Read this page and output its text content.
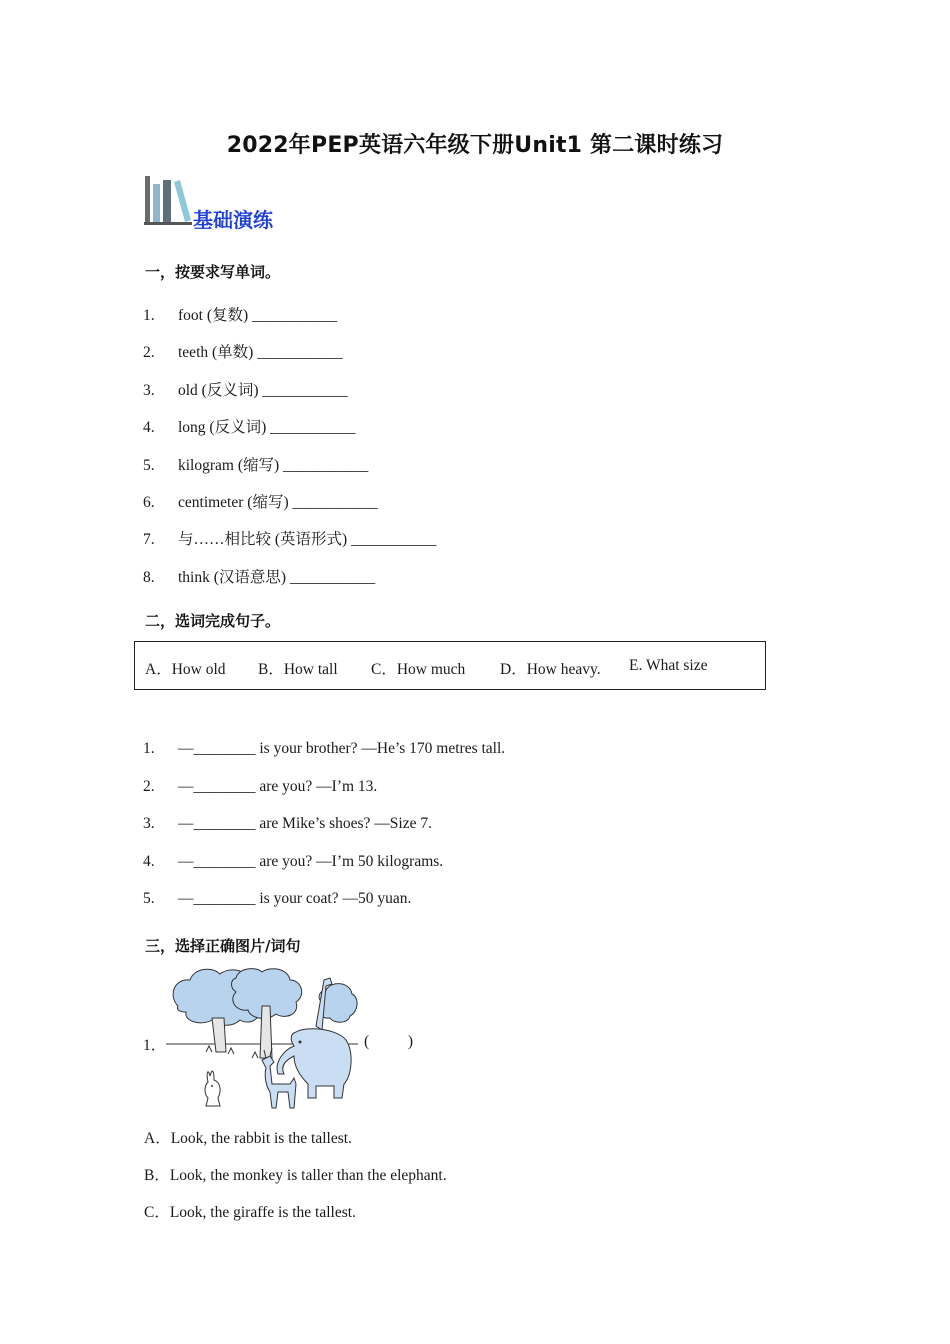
2022年PEP英语六年级下册Unit1 第二课时练习
基础演练
一，按要求写单词。
1. foot (复数) ___________
2. teeth (单数) ___________
3. old (反义词) ___________
4. long (反义词) ___________
5. kilogram (缩写) ___________
6. centimeter (缩写) ___________
7. 与……相比较 (英语形式) ___________
8. think (汉语意思) ___________
二，选词完成句子。
A．How old B．How tall C．How much D．How heavy. E. What size
1. —________ is your brother? —He’s 170 metres tall.
2. —________ are you? —I’m 13.
3. —________ are Mike’s shoes? —Size 7.
4. —________ are you? —I’m 50 kilograms.
5. —________ is your coat? —50 yuan.
三，选择正确图片/词句
1．	(          )
A．Look, the rabbit is the tallest.
B．Look, the monkey is taller than the elephant.
C．Look, the giraffe is the tallest.
